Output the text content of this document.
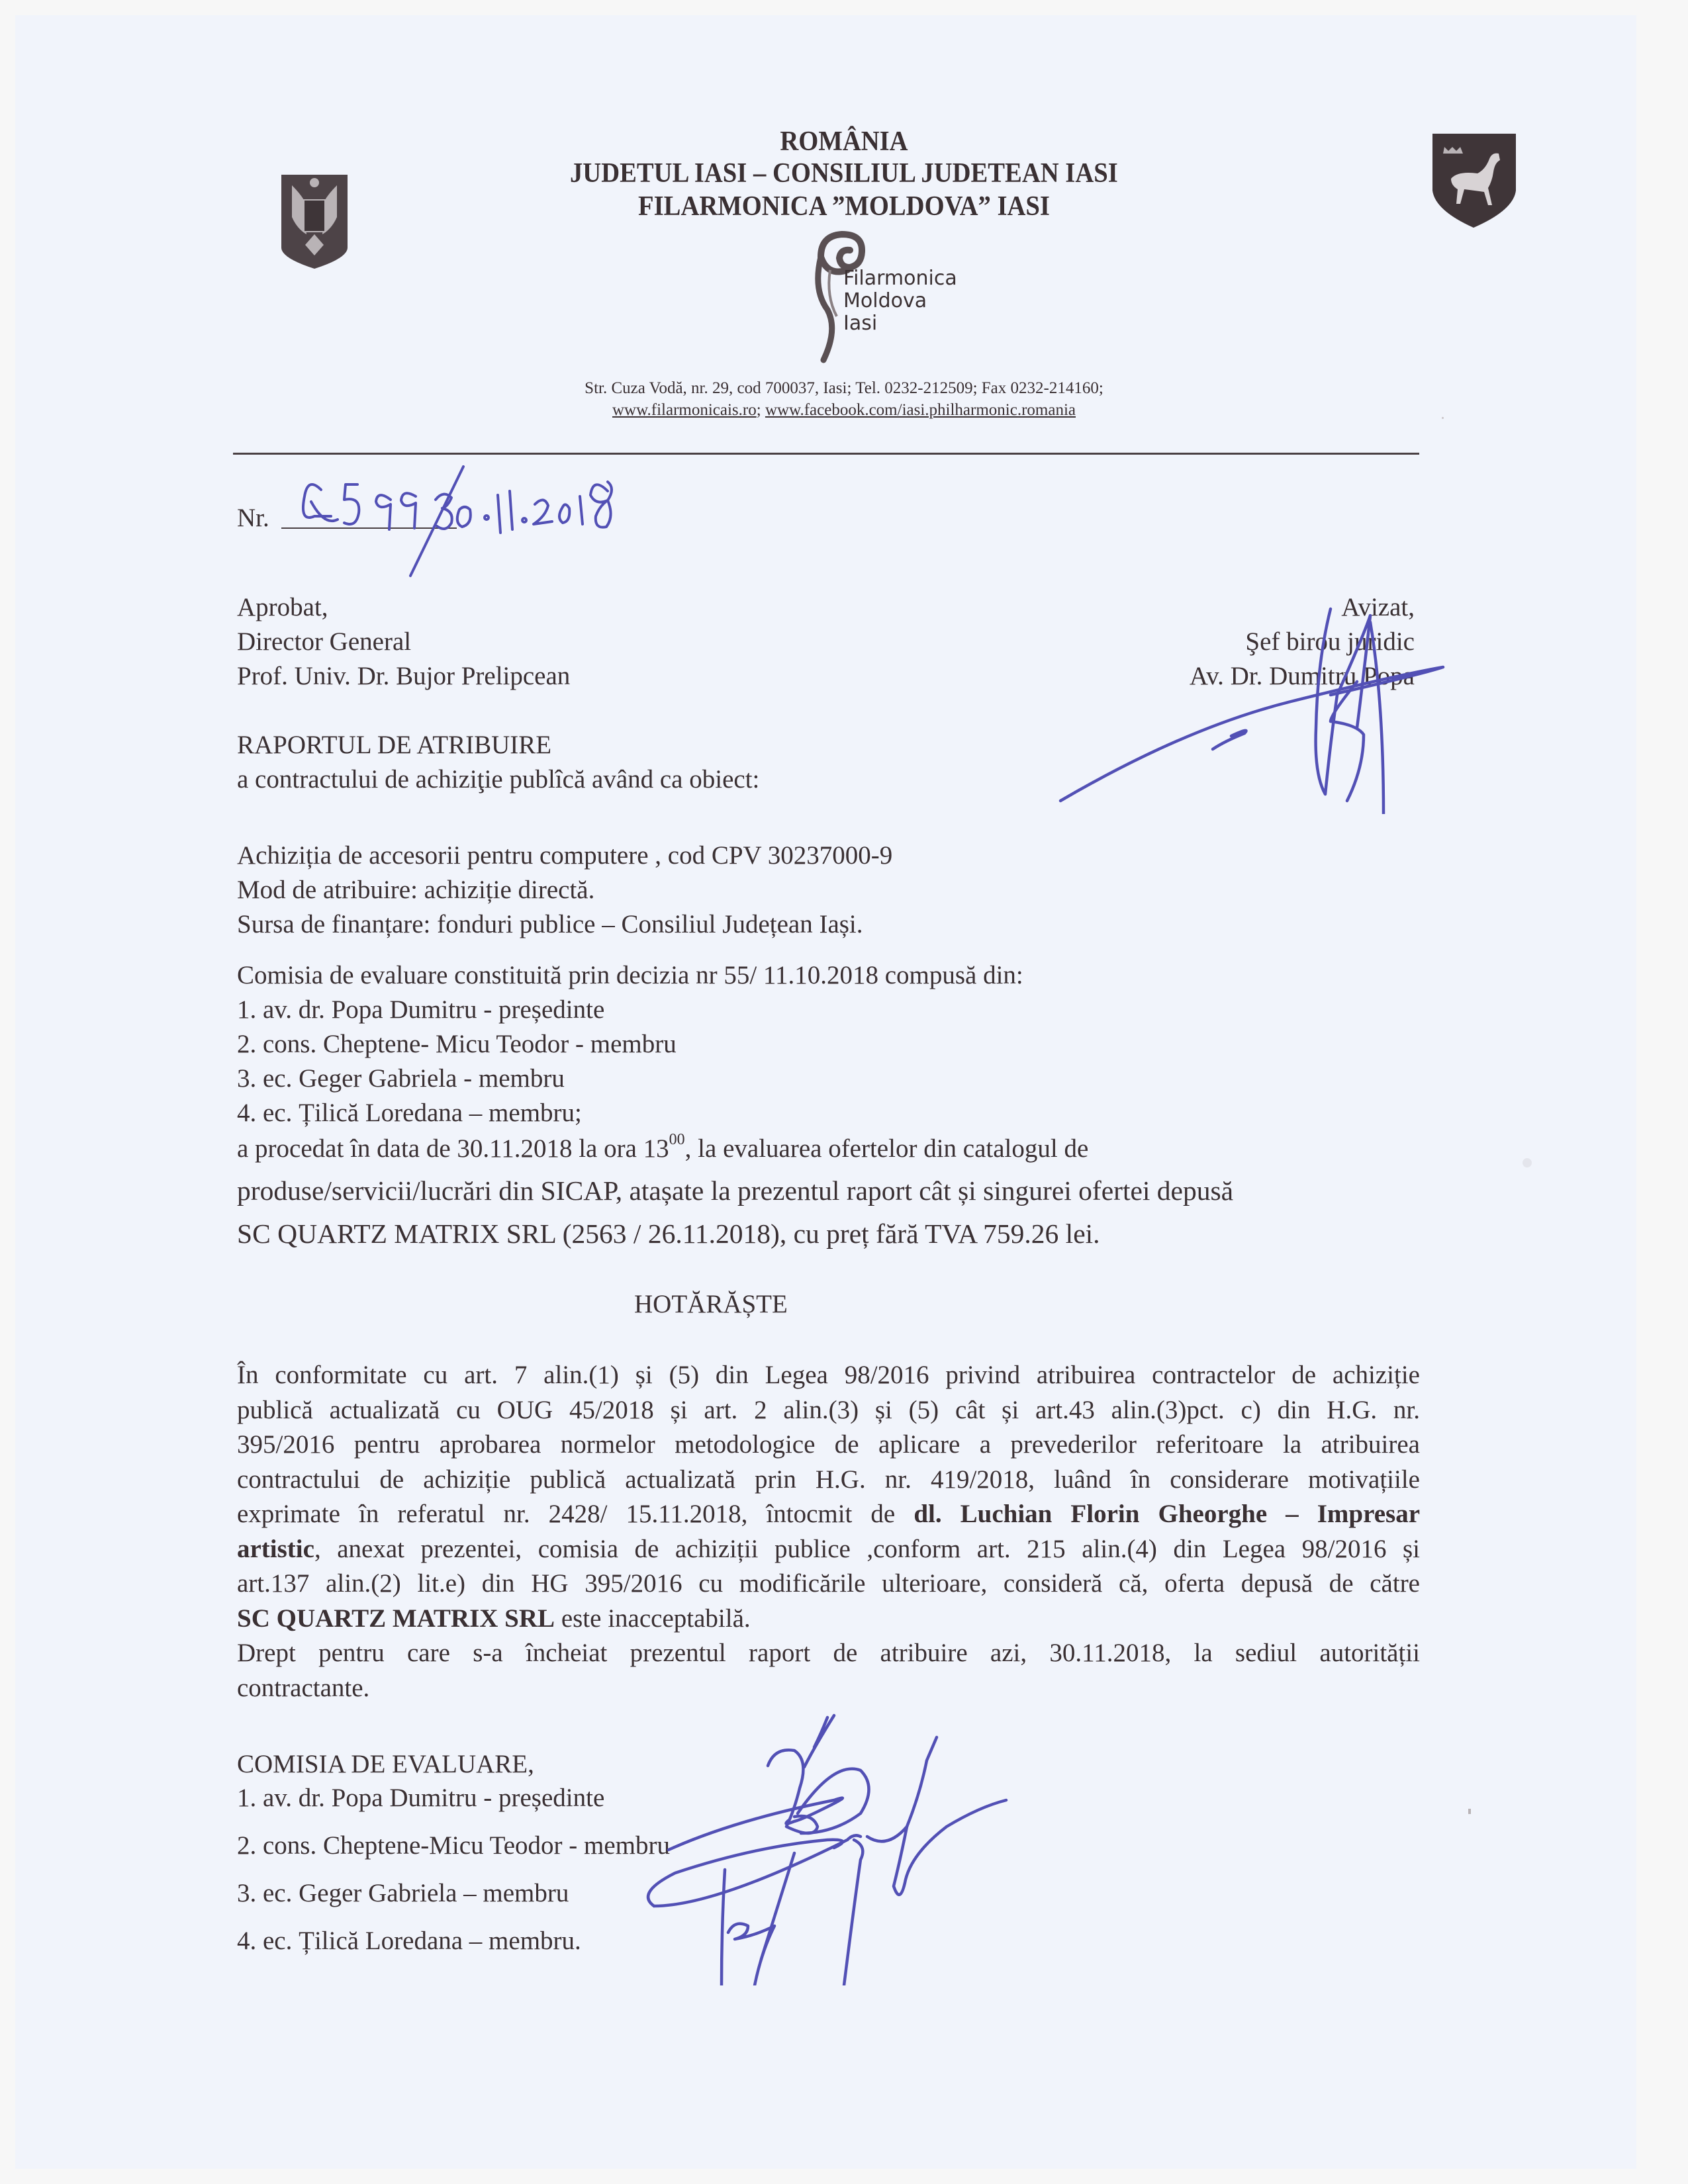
ROMÂNIA
JUDETUL IASI – CONSILIUL JUDETEAN IASI
FILARMONICA ”MOLDOVA” IASI
Filarmonica
Moldova
Iasi
Str. Cuza Vodă, nr. 29, cod 700037, Iasi; Tel. 0232-212509; Fax 0232-214160;
www.filarmonicais.ro; www.facebook.com/iasi.philharmonic.romania
Nr.
Aprobat,
Director General
Prof. Univ. Dr. Bujor Prelipcean
Avizat,
Şef birou juridic
Av. Dr. Dumitru Popa
RAPORTUL DE ATRIBUIRE
a contractului de achiziţie publîcă având ca obiect:
Achiziția de accesorii pentru computere , cod CPV 30237000-9
Mod de atribuire: achiziție directă.
Sursa de finanțare: fonduri publice – Consiliul Județean Iași.
Comisia de evaluare constituită prin decizia nr 55/ 11.10.2018 compusă din:
1. av. dr. Popa Dumitru - președinte
2. cons. Cheptene- Micu Teodor - membru
3. ec. Geger Gabriela - membru
4. ec. Țilică Loredana – membru;
a procedat în data de 30.11.2018 la ora $13^{00}$, la evaluarea ofertelor din catalogul de
produse/servicii/lucrări din SICAP, atașate la prezentul raport cât și singurei ofertei depusă
SC QUARTZ MATRIX SRL (2563 / 26.11.2018), cu preț fără TVA 759.26 lei.
HOTĂRĂȘTE
În conformitate cu art. 7 alin.(1) și (5) din Legea 98/2016 privind atribuirea contractelor de achiziție
publică actualizată cu OUG 45/2018 și art. 2 alin.(3) și (5) cât și art.43 alin.(3)pct. c) din H.G. nr.
395/2016 pentru aprobarea normelor metodologice de aplicare a prevederilor referitoare la atribuirea
contractului de achiziție publică actualizată prin H.G. nr. 419/2018, luând în considerare motivațiile
exprimate în referatul nr. 2428/ 15.11.2018, întocmit de dl. Luchian Florin Gheorghe – Impresar
artistic, anexat prezentei, comisia de achiziții publice ,conform art. 215 alin.(4) din Legea 98/2016 și
art.137 alin.(2) lit.e) din HG 395/2016 cu modificările ulterioare, consideră că, oferta depusă de către
SC QUARTZ MATRIX SRL este inacceptabilă.
Drept pentru care s-a încheiat prezentul raport de atribuire azi, 30.11.2018, la sediul autorității
contractante.
COMISIA DE EVALUARE,
1. av. dr. Popa Dumitru - președinte
2. cons. Cheptene-Micu Teodor - membru
3. ec. Geger Gabriela – membru
4. ec. Țilică Loredana – membru.
